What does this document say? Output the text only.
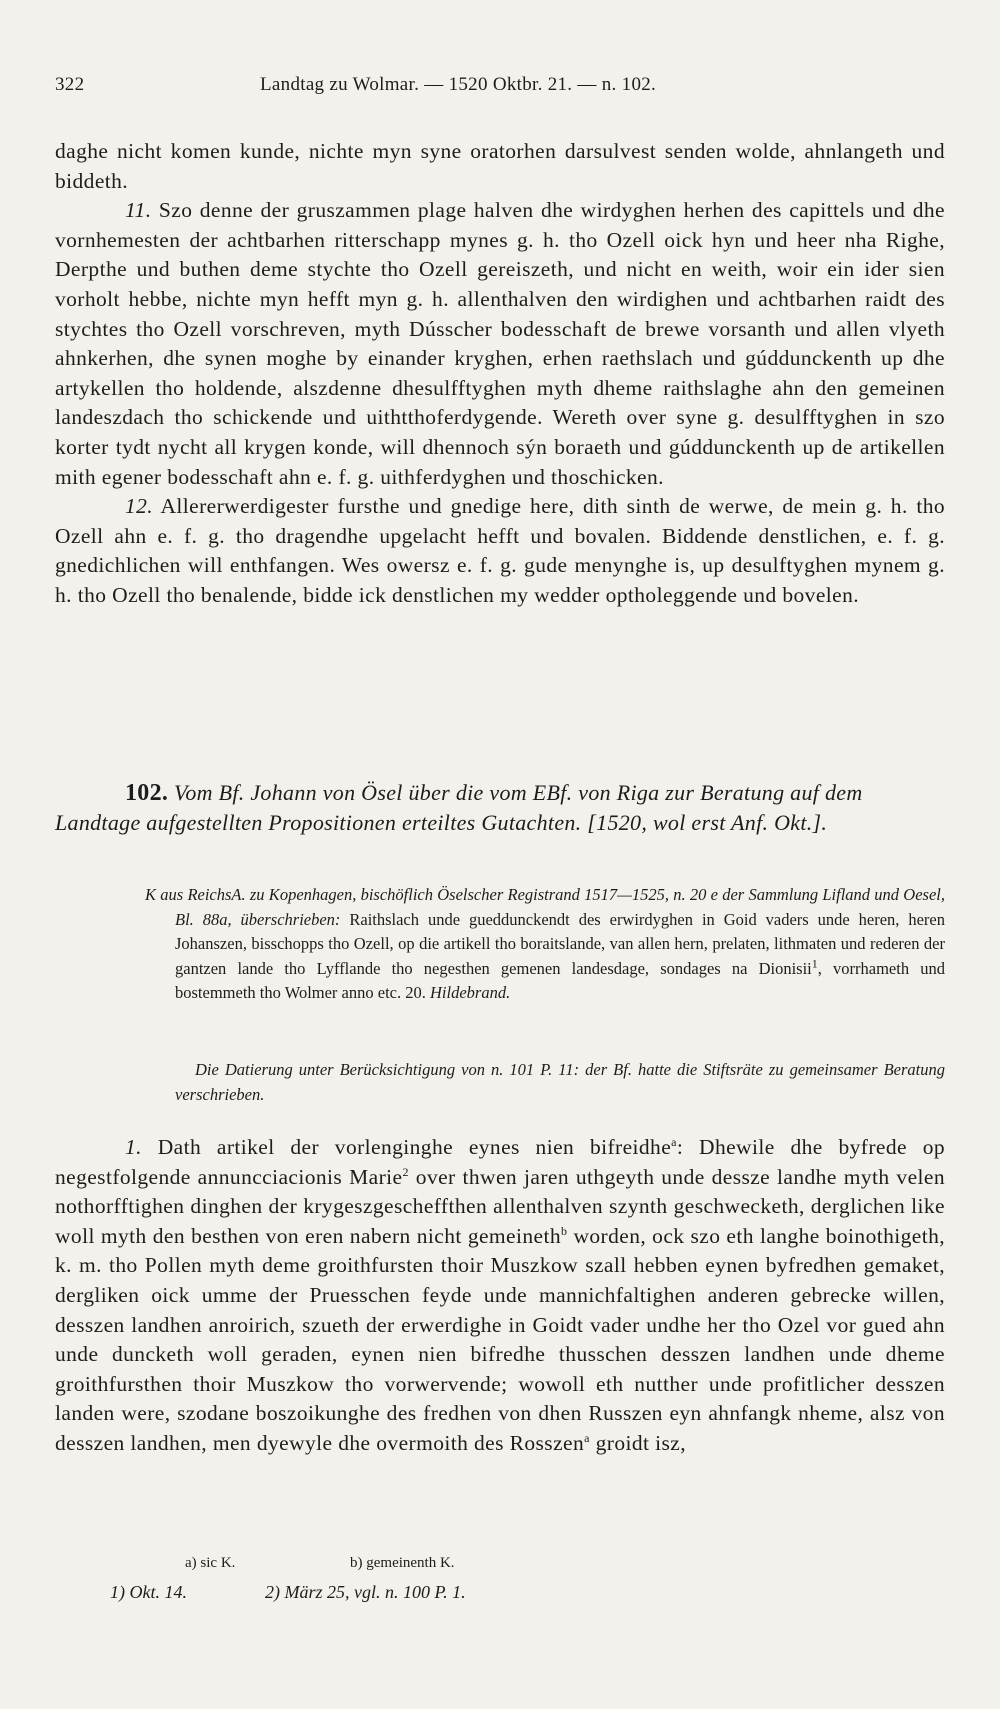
322	Landtag zu Wolmar. — 1520 Oktbr. 21. — n. 102.

daghe nicht komen kunde, nichte myn syne oratorhen darsulvest senden wolde, ahnlangeth und biddeth.

11. Szo denne der gruszammen plage halven dhe wirdyghen herhen des capittels und dhe vornhemesten der achtbarhen ritterschapp mynes g. h. tho Ozell oick hyn und heer nha Righe, Derpthe und buthen deme stychte tho Ozell gereiszeth, und nicht en weith, woir ein ider sien vorholt hebbe, nichte myn hefft myn g. h. allenthalven den wirdighen und achtbarhen raidt des stychtes tho Ozell vorschreven, myth Dússcher bodesschaft de brewe vorsanth und allen vlyeth ahnkerhen, dhe synen moghe by einander kryghen, erhen raethslach und gúddunckenth up dhe artykellen tho holdende, alszdenne dhesulfftyghen myth dheme raithslaghe ahn den gemeinen landeszdach tho schickende und uithtthoferdygende. Wereth over syne g. desulfftyghen in szo korter tydt nycht all krygen konde, will dhennoch sýn boraeth und gúddunckenth up de artikellen mith egener bodesschaft ahn e. f. g. uithferdyghen und thoschicken.

12. Allererwerdigester fursthe und gnedige here, dith sinth de werwe, de mein g. h. tho Ozell ahn e. f. g. tho dragendhe upgelacht hefft und bovalen. Biddende denstlichen, e. f. g. gnedichlichen will enthfangen. Wes owersz e. f. g. gude menynghe is, up desulftyghen mynem g. h. tho Ozell tho benalende, bidde ick denstlichen my wedder optholeggende und bovelen.

102. Vom Bf. Johann von Ösel über die vom EBf. von Riga zur Beratung auf dem Landtage aufgestellten Propositionen erteiltes Gutachten. [1520, wol erst Anf. Okt.].
K aus ReichsA. zu Kopenhagen, bischöflich Öselscher Registrand 1517—1525, n. 20 e der Sammlung Lifland und Oesel, Bl. 88a, überschrieben: Raithslach unde gueddunckendt des erwirdyghen in Goid vaders unde heren, heren Johanszen, bisschopps tho Ozell, op die artikell tho boraitslande, van allen hern, prelaten, lithmaten und rederen der gantzen lande tho Lyfflande tho negesthen gemenen landesdage, sondages na Dionisii$^1$, vorrhameth und bostemmeth tho Wolmer anno etc. 20. Hildebrand.
Die Datierung unter Berücksichtigung von n. 101 P. 11: der Bf. hatte die Stiftsräte zu gemeinsamer Beratung verschrieben.

1. Dath artikel der vorlenginghe eynes nien bifreidhe$^a$: Dhewile dhe byfrede op negestfolgende annuncciacionis Marie$^2$ over thwen jaren uthgeyth unde dessze landhe myth velen nothorfftighen dinghen der krygeszgescheffthen allenthalven szynth geschwecketh, derglichen like woll myth den besthen von eren nabern nicht gemeineth$^b$ worden, ock szo eth langhe boinothigeth, k. m. tho Pollen myth deme groithfursten thoir Muszkow szall hebben eynen byfredhen gemaket, dergliken oick umme der Pruesschen feyde unde mannichfaltighen anderen gebrecke willen, desszen landhen anroirich, szueth der erwerdighe in Goidt vader undhe her tho Ozel vor gued ahn unde duncketh woll geraden, eynen nien bifredhe thusschen desszen landhen unde dheme groithfursthen thoir Muszkow tho vorwervende; wowoll eth nutther unde profitlicher desszen landen were, szodane boszoikunghe des fredhen von dhen Russzen eyn ahnfangk nheme, alsz von desszen landhen, men dyewyle dhe overmoith des Rosszen$^a$ groidt isz,

a) sic K.	b) gemeinenth K.
1) Okt. 14.	2) März 25, vgl. n. 100 P. 1.
